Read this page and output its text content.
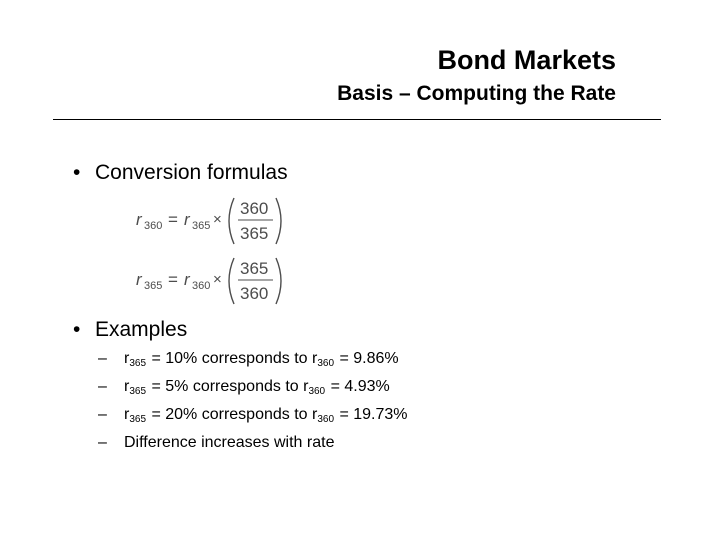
Bond Markets
Basis – Computing the Rate
• Conversion formulas
r 360 = r 365 ×
360
365
r 365 = r 360 ×
365
360
• Examples
– $r_{365} = 10\%$ corresponds to $r_{360} = 9.86\%$
– $r_{365} = 5\%$ corresponds to $r_{360} = 4.93\%$
– $r_{365} = 20\%$ corresponds to $r_{360} = 19.73\%$
– Difference increases with rate
